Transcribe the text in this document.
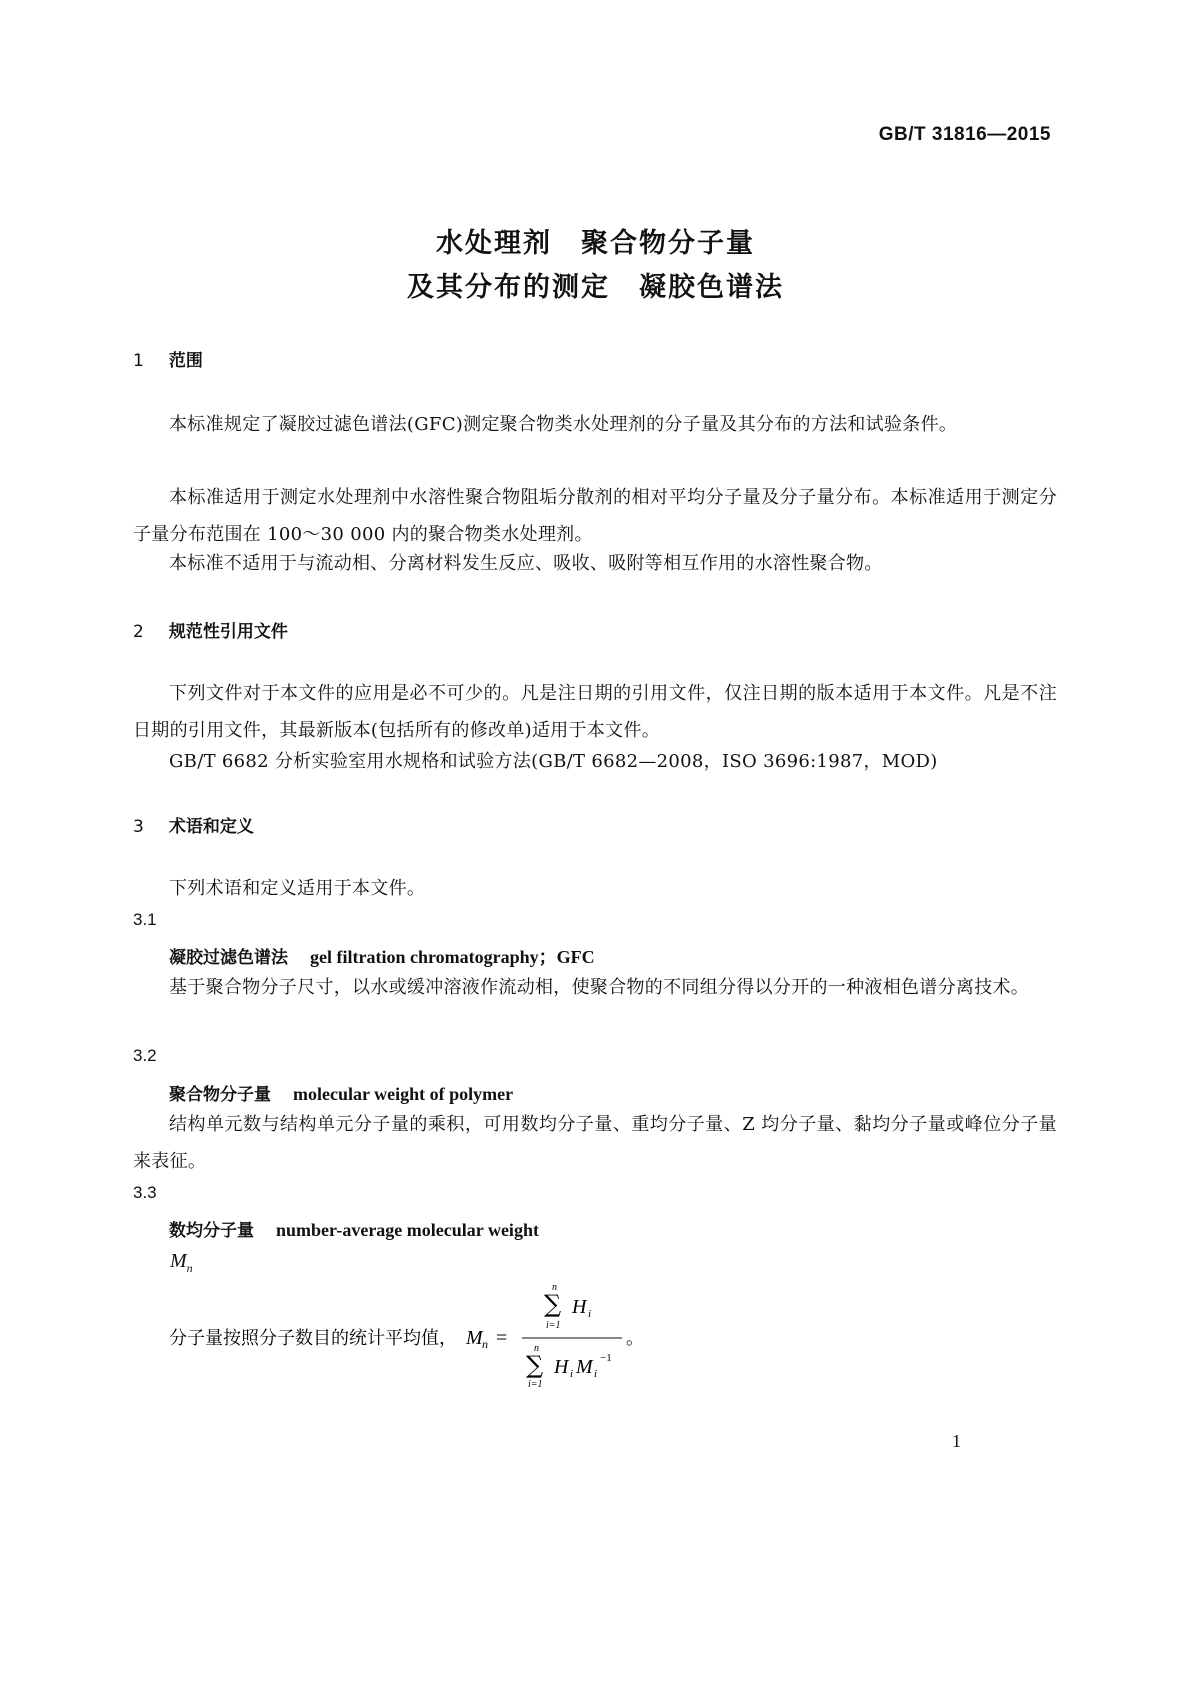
GB/T 31816—2015
水处理剂　聚合物分子量
及其分布的测定　凝胶色谱法
1 范围
本标准规定了凝胶过滤色谱法(GFC)测定聚合物类水处理剂的分子量及其分布的方法和试验条件。
本标准适用于测定水处理剂中水溶性聚合物阻垢分散剂的相对平均分子量及分子量分布。本标准适用于测定分子量分布范围在 100～30 000 内的聚合物类水处理剂。
本标准不适用于与流动相、分离材料发生反应、吸收、吸附等相互作用的水溶性聚合物。
2 规范性引用文件
下列文件对于本文件的应用是必不可少的。凡是注日期的引用文件，仅注日期的版本适用于本文件。凡是不注日期的引用文件，其最新版本(包括所有的修改单)适用于本文件。
GB/T 6682 分析实验室用水规格和试验方法(GB/T 6682—2008，ISO 3696:1987，MOD)
3 术语和定义
下列术语和定义适用于本文件。
3.1
凝胶过滤色谱法 gel filtration chromatography；GFC
基于聚合物分子尺寸，以水或缓冲溶液作流动相，使聚合物的不同组分得以分开的一种液相色谱分离技术。
3.2
聚合物分子量 molecular weight of polymer
结构单元数与结构单元分子量的乘积，可用数均分子量、重均分子量、Z 均分子量、黏均分子量或峰位分子量来表征。
3.3
数均分子量 number-average molecular weight
$M_n$
分子量按照分子数目的统计平均值， M n =
n
∑
i=1
H i
n
∑
i=1
H i M i
−1
。
1
